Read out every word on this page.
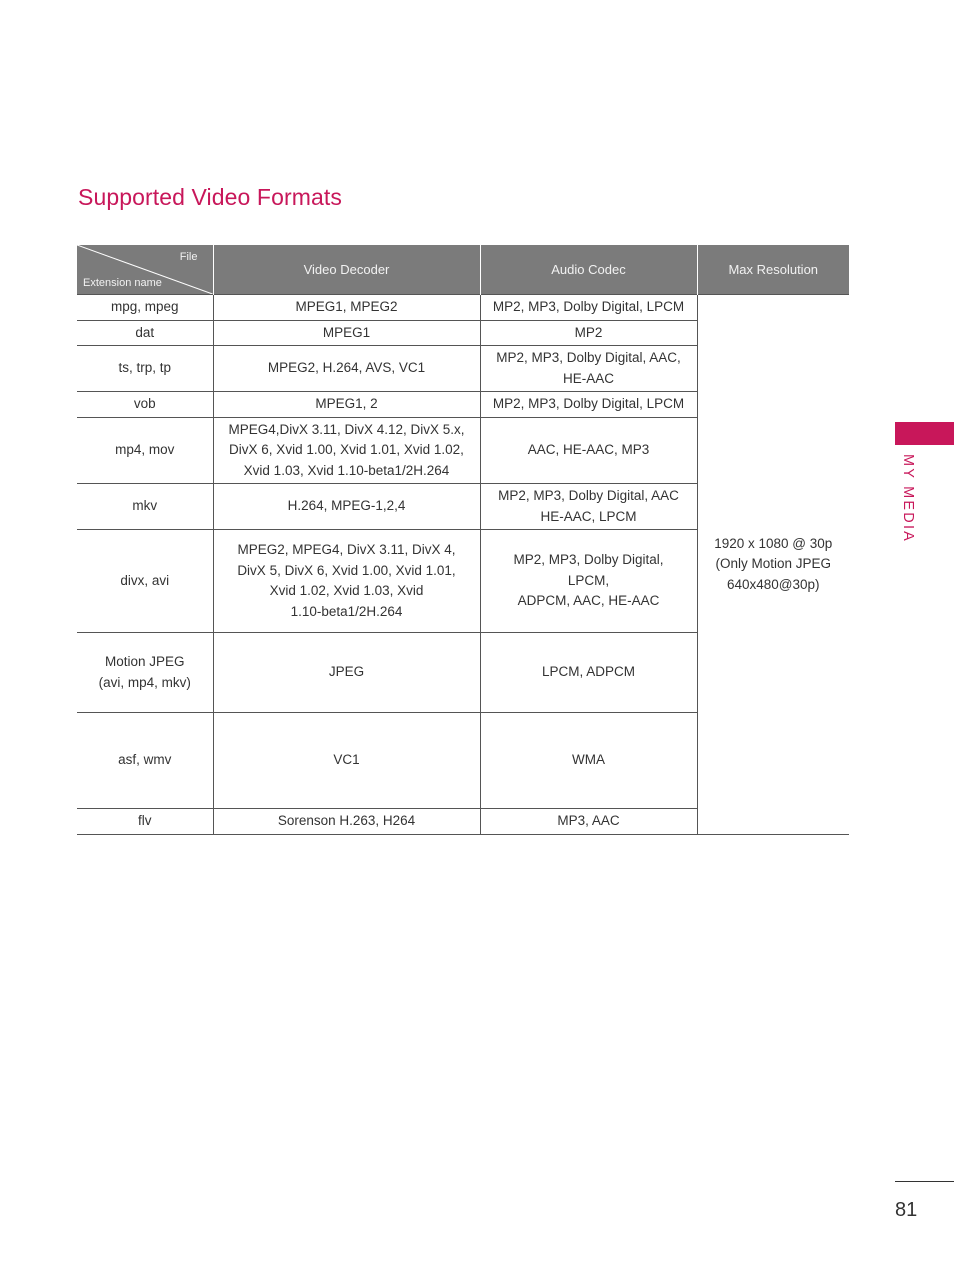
Supported Video Formats
File
Extension name	Video Decoder	Audio Codec	Max Resolution
mpg, mpeg	MPEG1, MPEG2	MP2, MP3, Dolby Digital, LPCM	1920 x 1080 @ 30p
(Only Motion JPEG
640x480@30p)
dat	MPEG1	MP2	
ts, trp, tp	MPEG2, H.264, AVS, VC1	MP2, MP3, Dolby Digital, AAC,
HE-AAC	
vob	MPEG1, 2	MP2, MP3, Dolby Digital, LPCM	
mp4, mov	MPEG4,DivX 3.11, DivX 4.12, DivX 5.x,
DivX 6, Xvid 1.00, Xvid 1.01, Xvid 1.02,
Xvid 1.03, Xvid 1.10-beta1/2H.264	AAC, HE-AAC, MP3	
mkv	H.264, MPEG-1,2,4	MP2, MP3, Dolby Digital, AAC
HE-AAC, LPCM	
divx, avi	MPEG2, MPEG4, DivX 3.11, DivX 4,
DivX 5, DivX 6, Xvid 1.00, Xvid 1.01,
Xvid 1.02, Xvid 1.03, Xvid
1.10-beta1/2H.264	MP2, MP3, Dolby Digital,
LPCM,
ADPCM, AAC, HE-AAC	
Motion JPEG
(avi, mp4, mkv)	JPEG	LPCM, ADPCM	
asf, wmv	VC1	WMA	
flv	Sorenson H.263, H264	MP3, AAC	
MY MEDIA
81
